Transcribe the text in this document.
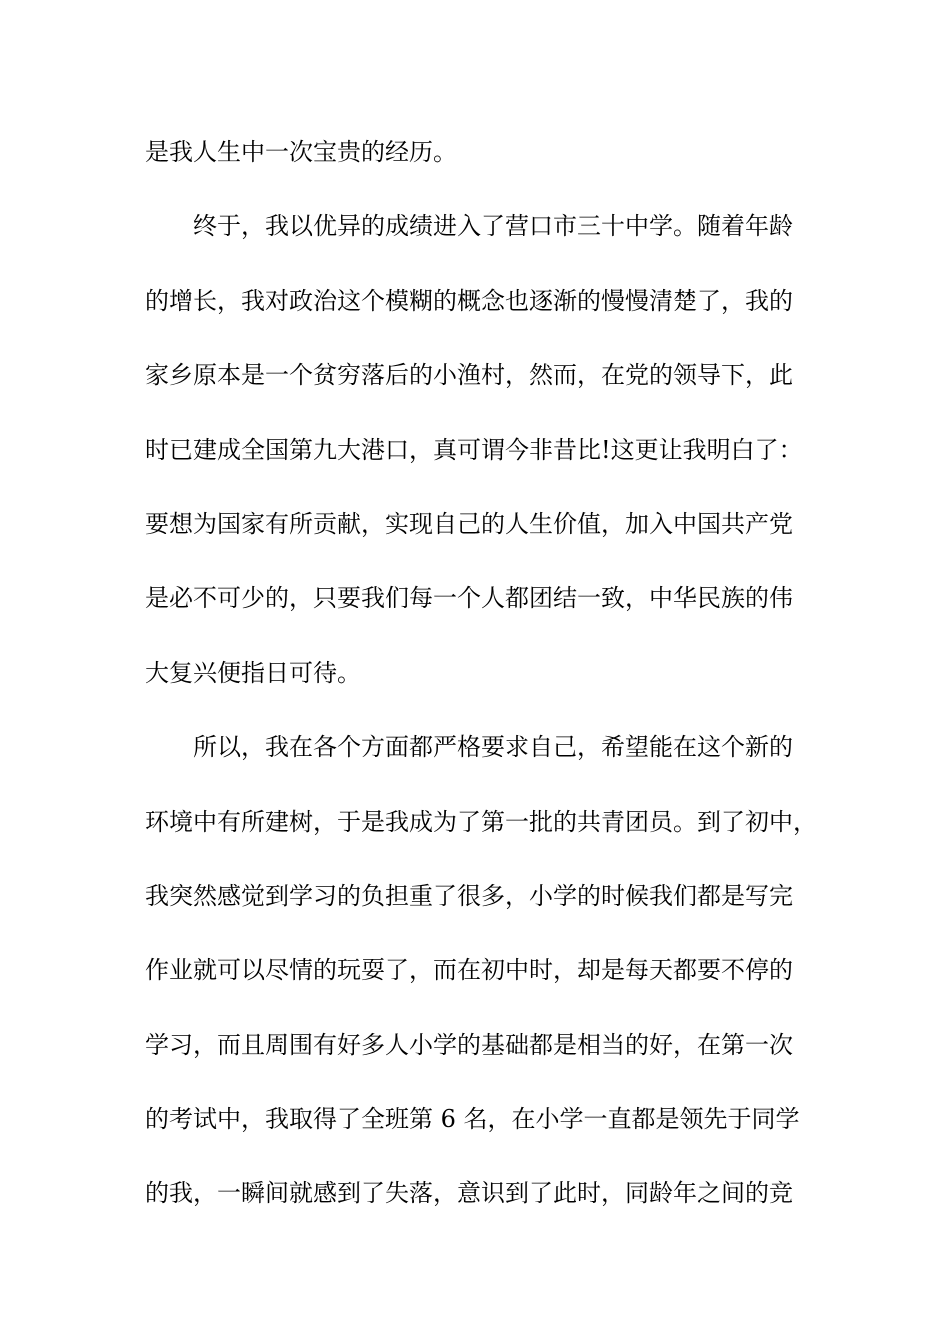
是我人生中一次宝贵的经历。
终于，我以优异的成绩进入了营口市三十中学。随着年龄
的增长，我对政治这个模糊的概念也逐渐的慢慢清楚了，我的
家乡原本是一个贫穷落后的小渔村，然而，在党的领导下，此
时已建成全国第九大港口，真可谓今非昔比!这更让我明白了：
要想为国家有所贡献，实现自己的人生价值，加入中国共产党
是必不可少的，只要我们每一个人都团结一致，中华民族的伟
大复兴便指日可待。
所以，我在各个方面都严格要求自己，希望能在这个新的
环境中有所建树，于是我成为了第一批的共青团员。到了初中，
我突然感觉到学习的负担重了很多，小学的时候我们都是写完
作业就可以尽情的玩耍了，而在初中时，却是每天都要不停的
学习，而且周围有好多人小学的基础都是相当的好，在第一次
的考试中，我取得了全班第 6 名，在小学一直都是领先于同学
的我，一瞬间就感到了失落，意识到了此时，同龄年之间的竞
